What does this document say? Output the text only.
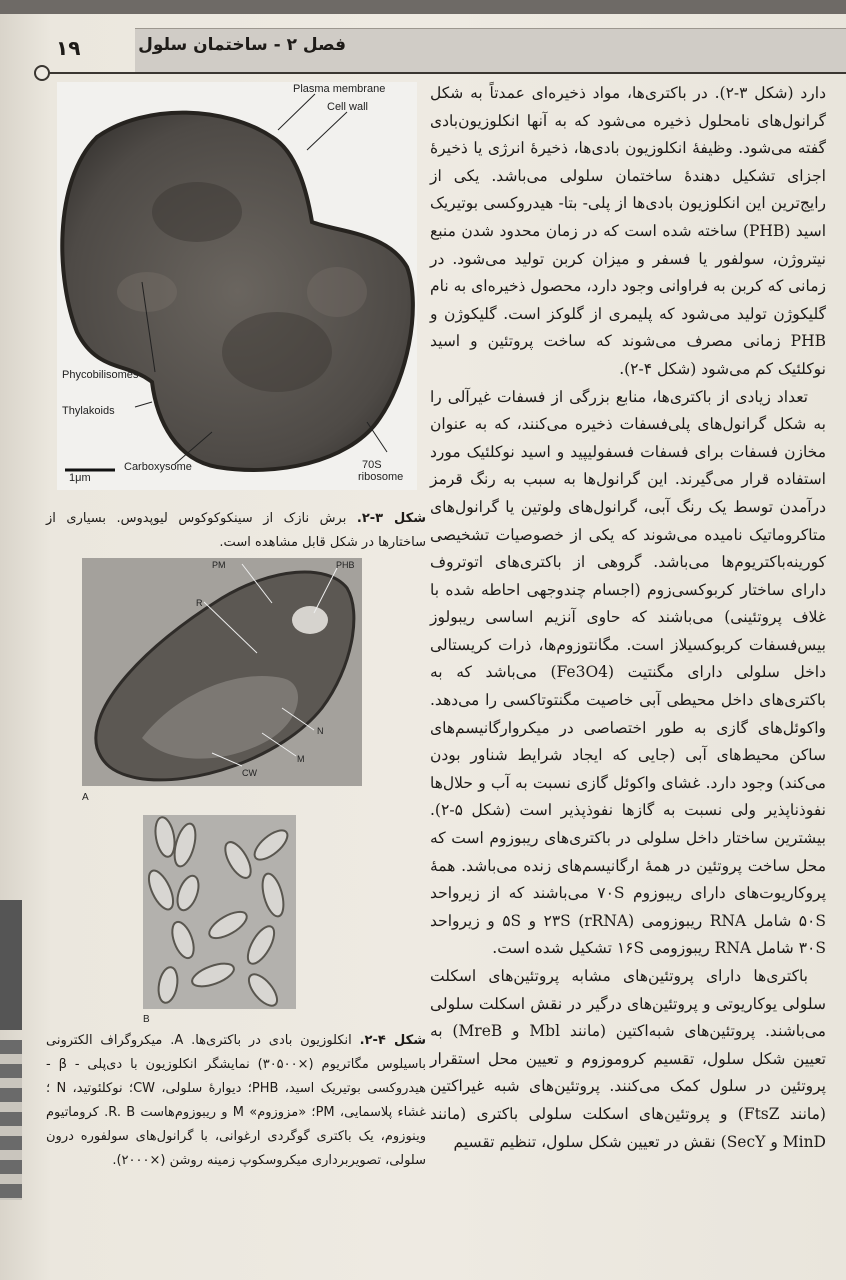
فصل ۲ - ساختمان سلول
۱۹
Plasma membrane
Cell wall
Phycobilisomes
Thylakoids
Carboxysome	70S
ribosome
1μm
شکل ۳-۲. برش نازک از سینکوکوکوس لیوپدوس. بسیاری از ساختارها در شکل قابل مشاهده است.
PM	PHB
R
N
M
CW
A
B
شکل ۴-۲. انکلوزیون بادی در باکتری‌ها. A. میکروگراف الکترونی باسیلوس مگاتریوم (×۳۰۵۰۰) نمایشگر انکلوزیون با دی‌پلی - β - هیدروکسی بوتیریک اسید، PHB؛ دیوارهٔ سلولی، CW؛ نوکلئوتید، N ؛ غشاء پلاسمایی، PM؛ «مزوزوم» M و ریبوزوم‌هاست R. B. کروماتیوم وینوزوم، یک باکتری گوگردی ارغوانی، با گرانول‌های سولفوره درون سلولی، تصویربرداری میکروسکوپ زمینه روشن (×۲۰۰۰).

دارد (شکل ۳-۲). در باکتری‌ها، مواد ذخیره‌ای عمدتاً به شکل گرانول‌های نامحلول ذخیره می‌شود که به آنها انکلوزیون‌بادی گفته می‌شود. وظیفهٔ انکلوزیون بادی‌ها، ذخیرهٔ انرژی یا ذخیرهٔ اجزای تشکیل دهندهٔ ساختمان سلولی می‌باشد. یکی از رایج‌ترین این انکلوزیون بادی‌ها از پلی- بتا- هیدروکسی بوتیریک اسید (PHB) ساخته شده است که در زمان محدود شدن منبع نیتروژن، سولفور یا فسفر و میزان کربن تولید می‌شود. در زمانی که کربن به فراوانی وجود دارد، محصول ذخیره‌ای به نام گلیکوژن تولید می‌شود که پلیمری از گلوکز است. گلیکوژن و PHB زمانی مصرف می‌شوند که ساخت پروتئین و اسید نوکلئیک کم می‌شود (شکل ۴-۲).

تعداد زیادی از باکتری‌ها، منابع بزرگی از فسفات غیرآلی را به شکل گرانول‌های پلی‌فسفات ذخیره می‌کنند، که به عنوان مخازن فسفات برای فسفات فسفولیپید و اسید نوکلئیک مورد استفاده قرار می‌گیرند. این گرانول‌ها به سبب به رنگ قرمز درآمدن توسط یک رنگ آبی، گرانول‌های ولوتین یا گرانول‌های متاکروماتیک نامیده می‌شوند که یکی از خصوصیات تشخیصی کورینه‌باکتریوم‌ها می‌باشد. گروهی از باکتری‌های اتوتروف دارای ساختار کربوکسی‌زوم (اجسام چندوجهی احاطه شده با غلاف پروتئینی) می‌باشند که حاوی آنزیم اساسی ریبولوز بیس‌فسفات کربوکسیلاز است. مگانتوزوم‌ها، ذرات کریستالی داخل سلولی دارای مگنتیت (Fe3O4) می‌باشد که به باکتری‌های داخل محیطی آبی خاصیت مگنتوتاکسی را می‌دهد. واکوئل‌های گازی به طور اختصاصی در میکروارگانیسم‌های ساکن محیط‌های آبی (جایی که ایجاد شرایط شناور بودن می‌کند) وجود دارد. غشای واکوئل گازی نسبت به آب و حلال‌ها نفوذناپذیر ولی نسبت به گازها نفوذپذیر است (شکل ۵-۲). بیشترین ساختار داخل سلولی در باکتری‌های ریبوزوم است که محل ساخت پروتئین در همهٔ ارگانیسم‌های زنده می‌باشد. همهٔ پروکاریوت‌های دارای ریبوزوم ۷۰S می‌باشند که از زیرواحد ۵۰S شامل RNA ریبوزومی (rRNA) ۲۳S و ۵S و زیرواحد ۳۰S شامل RNA ریبوزومی ۱۶S تشکیل شده است.

باکتری‌ها دارای پروتئین‌های مشابه پروتئین‌های اسکلت سلولی یوکاریوتی و پروتئین‌های درگیر در نقش اسکلت سلولی می‌باشند. پروتئین‌های شبه‌اکتین (مانند Mbl و MreB) به تعیین شکل سلول، تقسیم کروموزوم و تعیین محل استقرار پروتئین در سلول کمک می‌کنند. پروتئین‌های شبه غیراکتین (مانند FtsZ) و پروتئین‌های اسکلت سلولی باکتری (مانند MinD و SecY) نقش در تعیین شکل سلول، تنظیم تقسیم
